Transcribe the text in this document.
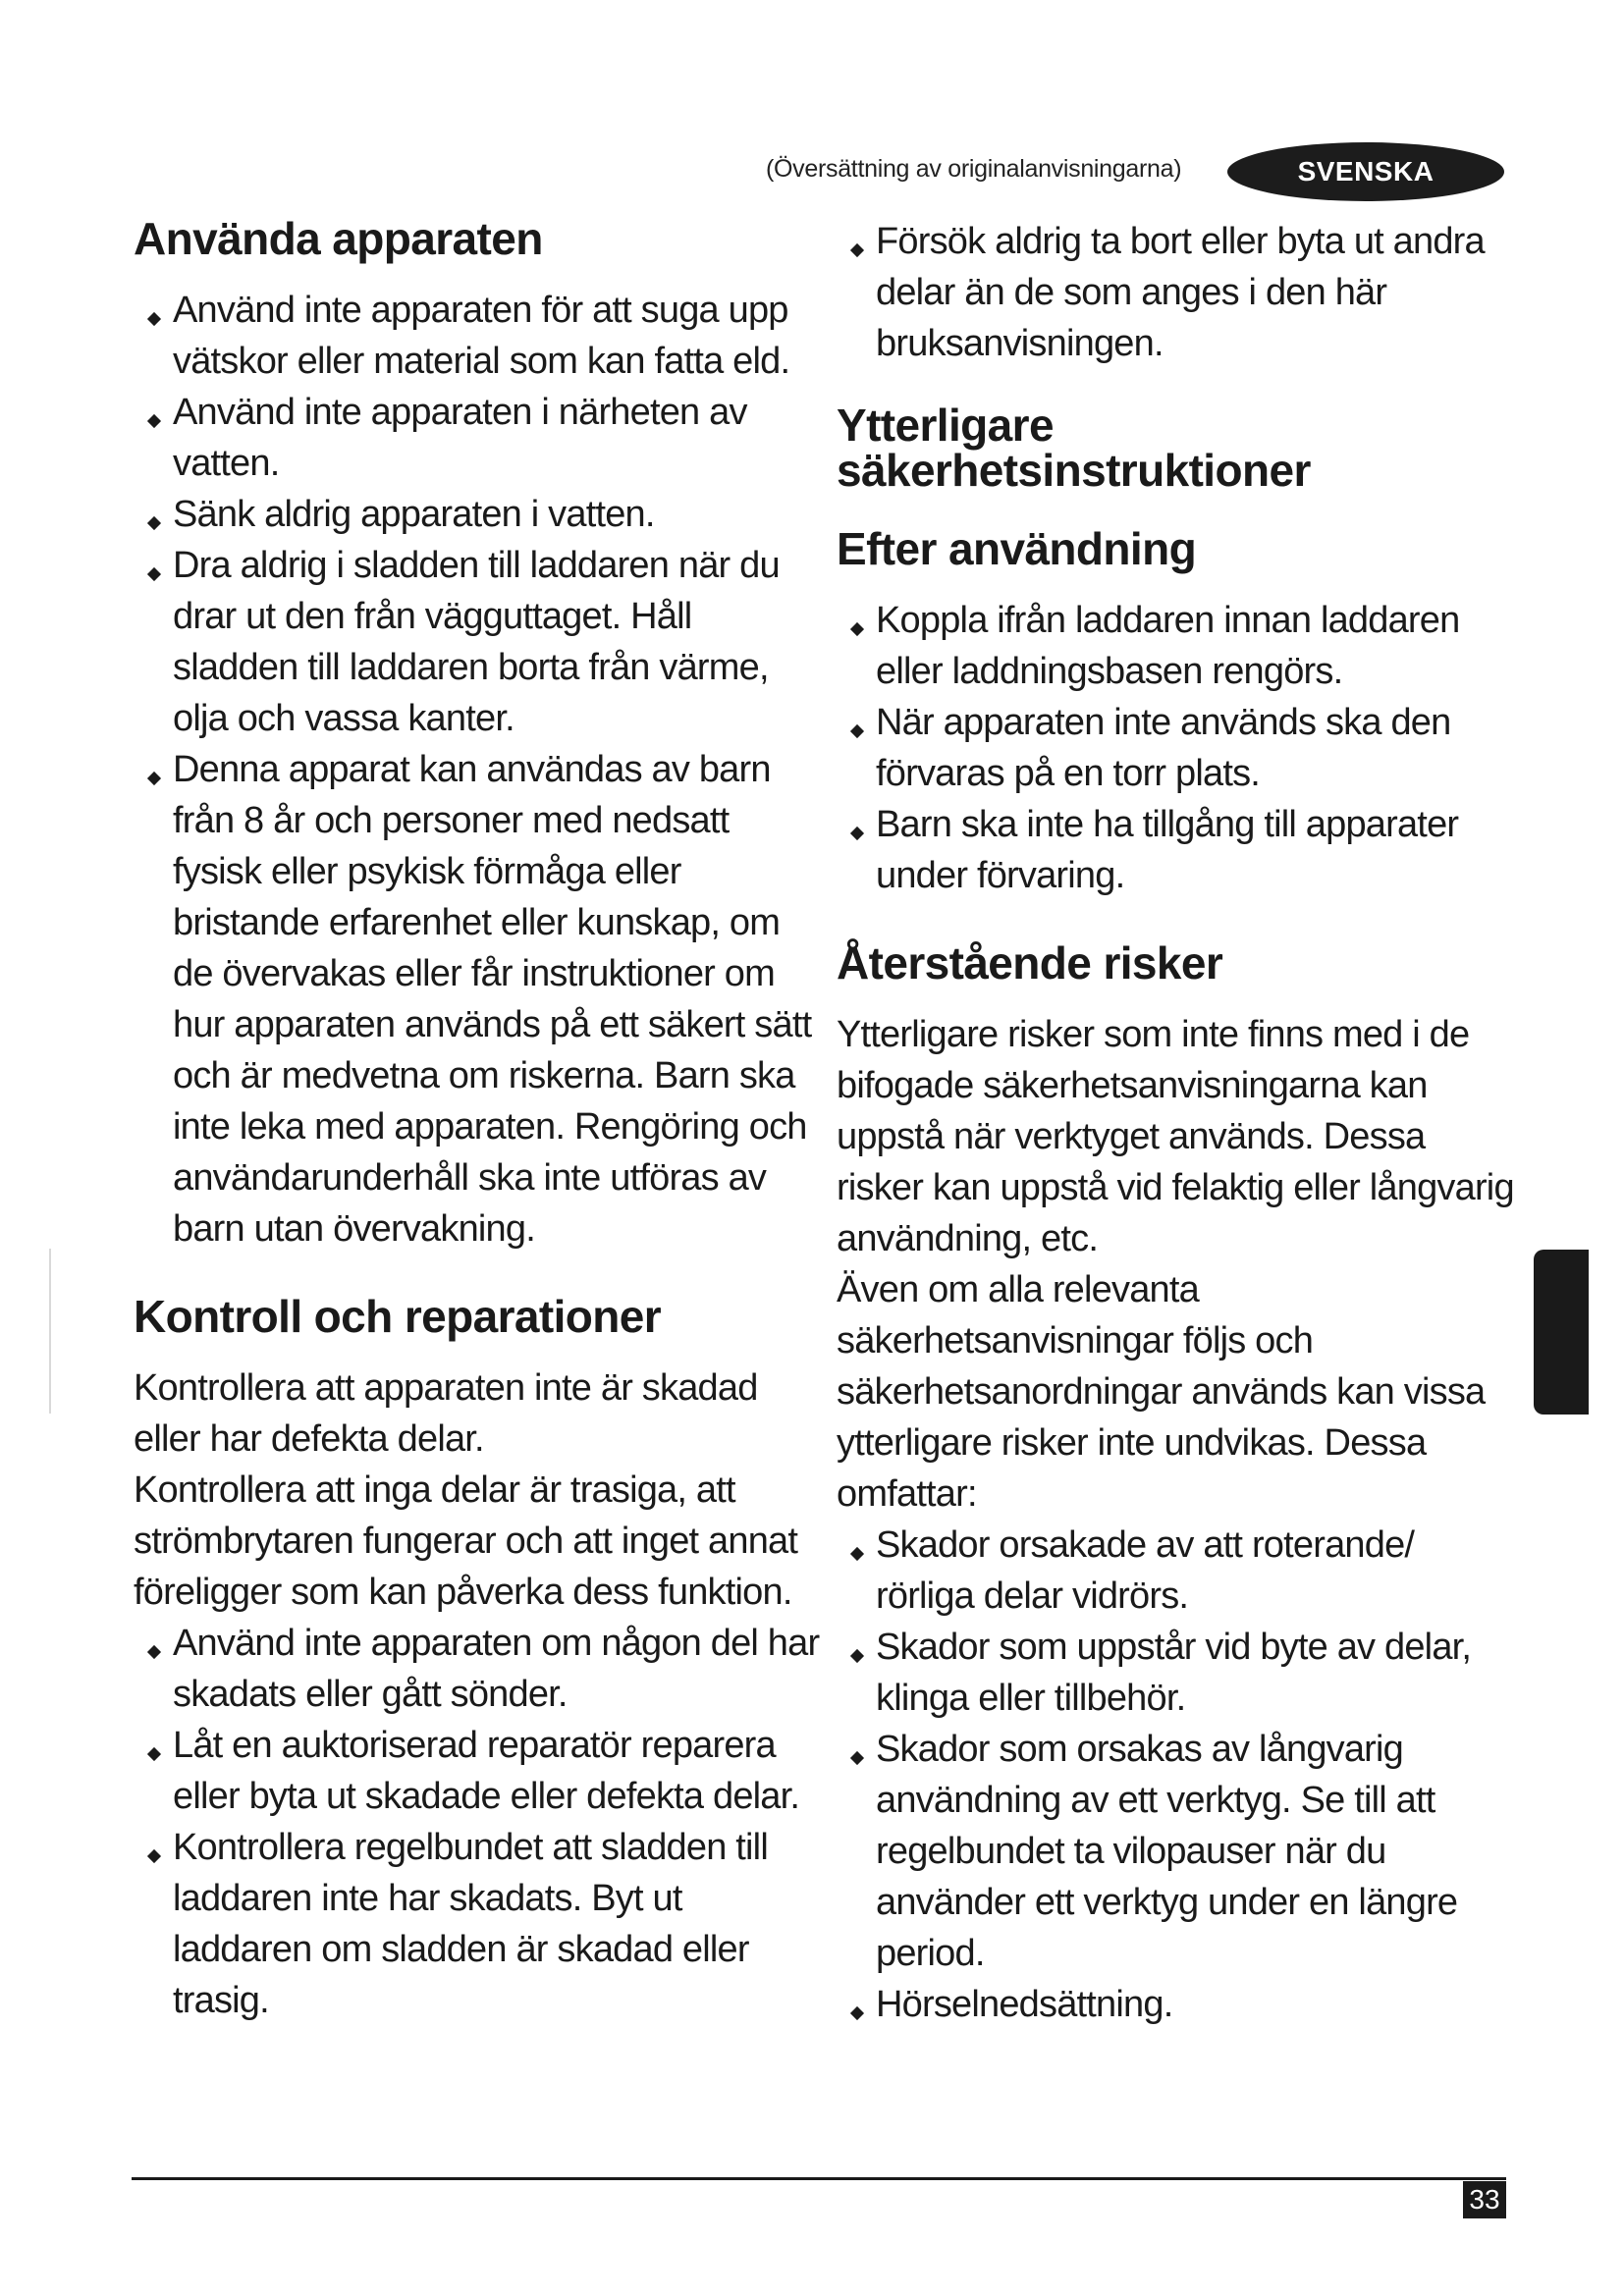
(Översättning av originalanvisningarna)	SVENSKA
Använda apparaten
Använd inte apparaten för att suga upp vätskor eller material som kan fatta eld.
Använd inte apparaten i närheten av vatten.
Sänk aldrig apparaten i vatten.
Dra aldrig i sladden till laddaren när du drar ut den från vägguttaget. Håll sladden till laddaren borta från värme, olja och vassa kanter.
Denna apparat kan användas av barn från 8 år och personer med nedsatt fysisk eller psykisk förmåga eller bristande erfarenhet eller kunskap, om de övervakas eller får instruktioner om hur apparaten används på ett säkert sätt och är medvetna om riskerna. Barn ska inte leka med apparaten. Rengöring och användarunderhåll ska inte utföras av barn utan övervakning.
Kontroll och reparationer

Kontrollera att apparaten inte är skadad eller har defekta delar.

Kontrollera att inga delar är trasiga, att strömbrytaren fungerar och att inget annat föreligger som kan påverka dess funktion.

Använd inte apparaten om någon del har skadats eller gått sönder.
Låt en auktoriserad reparatör reparera eller byta ut skadade eller defekta delar.
Kontrollera regelbundet att sladden till laddaren inte har skadats. Byt ut laddaren om sladden är skadad eller trasig.
Försök aldrig ta bort eller byta ut andra delar än de som anges i den här bruksanvisningen.
Ytterligare säkerhetsinstruktioner
Efter användning
Koppla ifrån laddaren innan laddaren eller laddningsbasen rengörs.
När apparaten inte används ska den förvaras på en torr plats.
Barn ska inte ha tillgång till apparater under förvaring.
Återstående risker

Ytterligare risker som inte finns med i de bifogade säkerhetsanvisningarna kan uppstå när verktyget används. Dessa risker kan uppstå vid felaktig eller långvarig användning, etc.

Även om alla relevanta säkerhetsanvisningar följs och säkerhetsanordningar används kan vissa ytterligare risker inte undvikas. Dessa omfattar:

Skador orsakade av att roterande/ rörliga delar vidrörs.
Skador som uppstår vid byte av delar, klinga eller tillbehör.
Skador som orsakas av långvarig användning av ett verktyg. Se till att regelbundet ta vilopauser när du använder ett verktyg under en längre period.
Hörselnedsättning.
33
